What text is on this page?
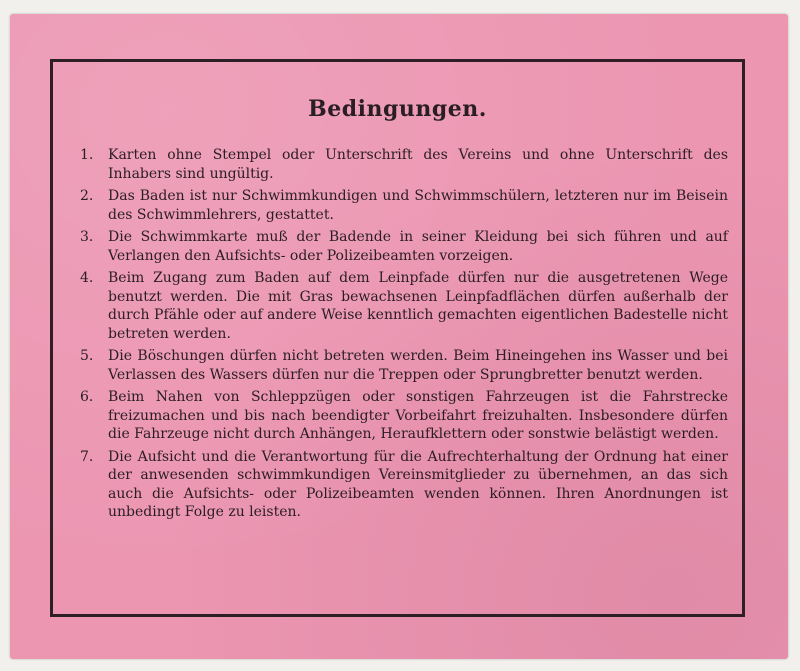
Bedingungen.
1.	Karten ohne Stempel oder Unterschrift des Vereins und ohne Unterschrift des Inhabers sind ungültig.
2.	Das Baden ist nur Schwimmkundigen und Schwimmschülern, letzteren nur im Beisein des Schwimmlehrers, gestattet.
3.	Die Schwimmkarte muß der Badende in seiner Kleidung bei sich führen und auf Verlangen den Aufsichts- oder Polizeibeamten vorzeigen.
4.	Beim Zugang zum Baden auf dem Leinpfade dürfen nur die ausgetretenen Wege benutzt werden. Die mit Gras bewachsenen Leinpfadflächen dürfen außerhalb der durch Pfähle oder auf andere Weise kenntlich gemachten eigentlichen Badestelle nicht betreten werden.
5.	Die Böschungen dürfen nicht betreten werden. Beim Hineingehen ins Wasser und bei Verlassen des Wassers dürfen nur die Treppen oder Sprungbretter benutzt werden.
6.	Beim Nahen von Schleppzügen oder sonstigen Fahrzeugen ist die Fahrstrecke freizumachen und bis nach beendigter Vorbeifahrt freizuhalten. Insbesondere dürfen die Fahrzeuge nicht durch Anhängen, Heraufklettern oder sonstwie belästigt werden.
7.	Die Aufsicht und die Verantwortung für die Aufrechterhaltung der Ordnung hat einer der anwesenden schwimmkundigen Vereinsmitglieder zu übernehmen, an das sich auch die Aufsichts- oder Polizeibeamten wenden können. Ihren Anordnungen ist unbedingt Folge zu leisten.
